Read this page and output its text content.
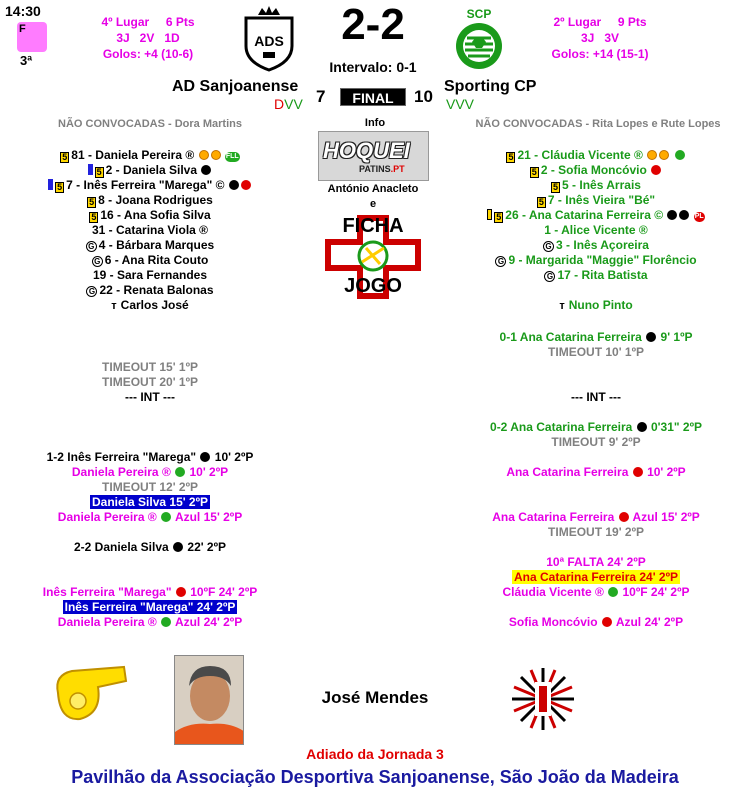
14:30
F
3ª
4º Lugar     6 Pts
3J   2V   1D
Golos: +4 (10-6)
ADS	2-2
Intervalo: 0-1
SCP
2º Lugar     9 Pts
3J   3V
Golos: +14 (15-1)
AD Sanjoanense	Sporting CP
DVV 7	FINAL	10 VVV
Info
HOQUEI
PATINS.PT
António Anacleto
e
FICHA
JOGO
NÃO CONVOCADAS - Dora Martins
5 81 - Daniela Pereira ®	FLL
5 2 - Daniela Silva
5 7 - Inês Ferreira "Marega" ©
5 8 - Joana Rodrigues
5 16 - Ana Sofia Silva
31 - Catarina Viola ®
G 4 - Bárbara Marques
G 6 - Ana Rita Couto
19 - Sara Fernandes
G 22 - Renata Balonas
ᴛ Carlos José
TIMEOUT 15' 1ºP
TIMEOUT 20' 1ºP
--- INT ---
1-2 Inês Ferreira "Marega" 10' 2ºP
Daniela Pereira ® 10' 2ºP
TIMEOUT 12' 2ºP
Daniela Silva 15' 2ºP
Daniela Pereira ® Azul 15' 2ºP
2-2 Daniela Silva 22' 2ºP
Inês Ferreira "Marega" 10ºF 24' 2ºP
Inês Ferreira "Marega" 24' 2ºP
Daniela Pereira ® Azul 24' 2ºP
NÃO CONVOCADAS - Rita Lopes e Rute Lopes
5 21 - Cláudia Vicente ®
5 2 - Sofia Moncóvio
5 5 - Inês Arrais
5 7 - Inês Vieira "Bé"
5 26 - Ana Catarina Ferreira ©	PL
1 - Alice Vicente ®
G 3 - Inês Açoreira
G 9 - Margarida "Maggie" Florêncio
G 17 - Rita Batista
ᴛ Nuno Pinto
0-1 Ana Catarina Ferreira 9' 1ºP
TIMEOUT 10' 1ºP
--- INT ---
0-2 Ana Catarina Ferreira 0'31" 2ºP
TIMEOUT 9' 2ºP
Ana Catarina Ferreira 10' 2ºP
Ana Catarina Ferreira Azul 15' 2ºP
TIMEOUT 19' 2ºP
10ª FALTA 24' 2ºP
Ana Catarina Ferreira 24' 2ºP
Cláudia Vicente ® 10ºF 24' 2ºP
Sofia Moncóvio Azul 24' 2ºP
José Mendes
Adiado da Jornada 3
Pavilhão da Associação Desportiva Sanjoanense, São João da Madeira
